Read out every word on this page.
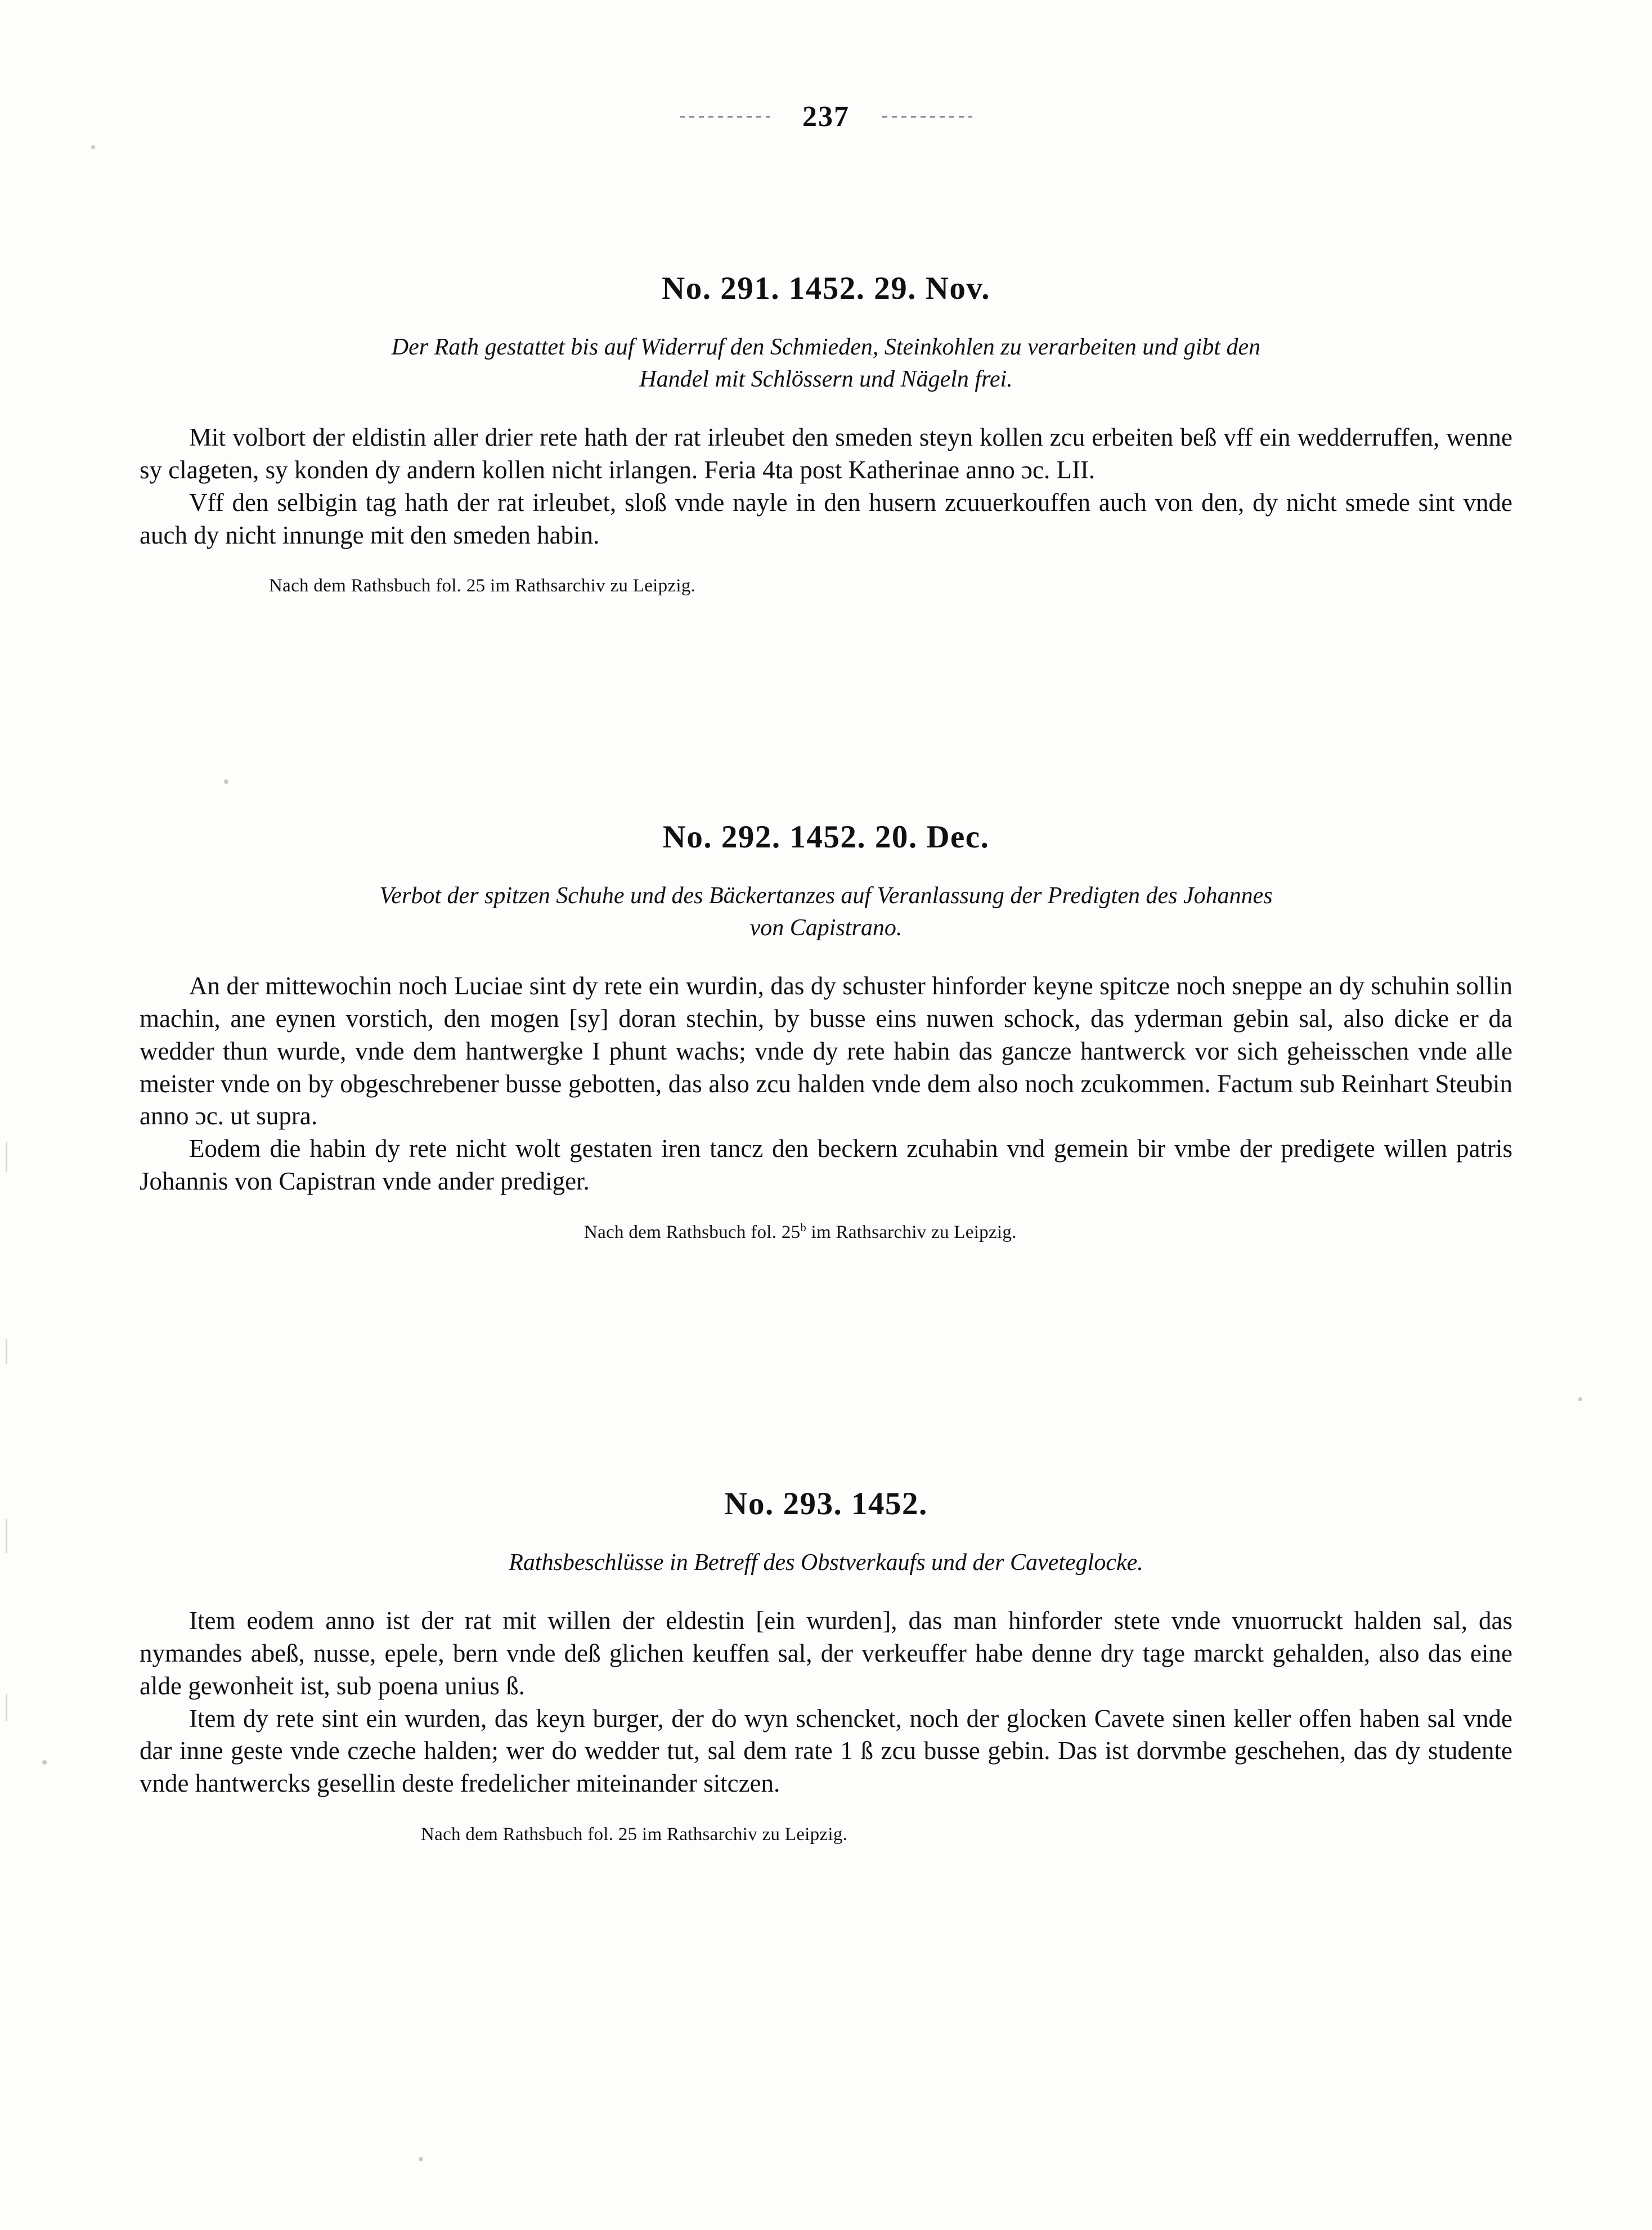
237
No. 291. 1452. 29. Nov.
Der Rath gestattet bis auf Widerruf den Schmieden, Steinkohlen zu verarbeiten und gibt den
Handel mit Schlössern und Nägeln frei.

Mit volbort der eldistin aller drier rete hath der rat irleubet den smeden steyn kollen zcu erbeiten beß vff ein wedderruffen, wenne sy clageten, sy konden dy andern kollen nicht irlangen. Feria 4ta post Katherinae anno ɔc. LII.

Vff den selbigin tag hath der rat irleubet, sloß vnde nayle in den husern zcuuerkouffen auch von den, dy nicht smede sint vnde auch dy nicht innunge mit den smeden habin.

Nach dem Rathsbuch fol. 25 im Rathsarchiv zu Leipzig.
No. 292. 1452. 20. Dec.
Verbot der spitzen Schuhe und des Bäckertanzes auf Veranlassung der Predigten des Johannes
von Capistrano.

An der mittewochin noch Luciae sint dy rete ein wurdin, das dy schuster hinforder keyne spitcze noch sneppe an dy schuhin sollin machin, ane eynen vorstich, den mogen [sy] doran stechin, by busse eins nuwen schock, das yderman gebin sal, also dicke er da wedder thun wurde, vnde dem hantwergke I phunt wachs; vnde dy rete habin das gancze hantwerck vor sich geheisschen vnde alle meister vnde on by obgeschrebener busse gebotten, das also zcu halden vnde dem also noch zcukommen. Factum sub Reinhart Steubin anno ɔc. ut supra.

Eodem die habin dy rete nicht wolt gestaten iren tancz den beckern zcuhabin vnd gemein bir vmbe der predigete willen patris Johannis von Capistran vnde ander prediger.

Nach dem Rathsbuch fol. 25$^b$ im Rathsarchiv zu Leipzig.
No. 293. 1452.
Rathsbeschlüsse in Betreff des Obstverkaufs und der Caveteglocke.

Item eodem anno ist der rat mit willen der eldestin [ein wurden], das man hinforder stete vnde vnuorruckt halden sal, das nymandes abeß, nusse, epele, bern vnde deß glichen keuffen sal, der verkeuffer habe denne dry tage marckt gehalden, also das eine alde gewonheit ist, sub poena unius ß.

Item dy rete sint ein wurden, das keyn burger, der do wyn schencket, noch der glocken Cavete sinen keller offen haben sal vnde dar inne geste vnde czeche halden; wer do wedder tut, sal dem rate 1 ß zcu busse gebin. Das ist dorvmbe geschehen, das dy studente vnde hantwercks gesellin deste fredelicher miteinander sitczen.

Nach dem Rathsbuch fol. 25 im Rathsarchiv zu Leipzig.
